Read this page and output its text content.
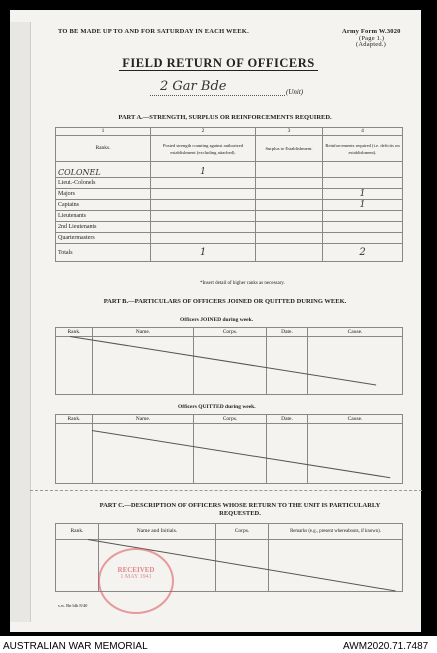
TO BE MADE UP TO AND FOR SATURDAY IN EACH WEEK.	Army Form W.3020
(Page 1.)
(Adapted.)
FIELD RETURN OF OFFICERS
2 Gar Bde	(Unit)
PART A.—STRENGTH, SURPLUS OR REINFORCEMENTS REQUIRED.
1	2	3	4
Ranks.	Posted strength counting against authorized establishment (excluding attached).	Surplus to Establishment.	Reinforcements required (i.e. deficits on establishment).
COLONEL	1		
Lieut.-Colonels			
Majors			1
Captains			1
Lieutenants			
2nd Lieutenants			
Quartermasters			
Totals	1		2
*Insert detail of higher ranks as necessary.
PART B.—PARTICULARS OF OFFICERS JOINED OR QUITTED DURING WEEK.
Officers JOINED during week.
Rank.	Name.	Corps.	Date.	Cause.

Officers QUITTED during week.
Rank.	Name.	Corps.	Date.	Cause.

PART C.—DESCRIPTION OF OFFICERS WHOSE RETURN TO THE UNIT IS PARTICULARLY REQUESTED.
Rank.	Name and Initials.	Corps.	Remarks (e.g., present whereabouts, if known).

s.w. Bn blk 8/40
RECEIVED
1 MAY 1941
AUSTRALIAN WAR MEMORIAL	AWM2020.71.7487
